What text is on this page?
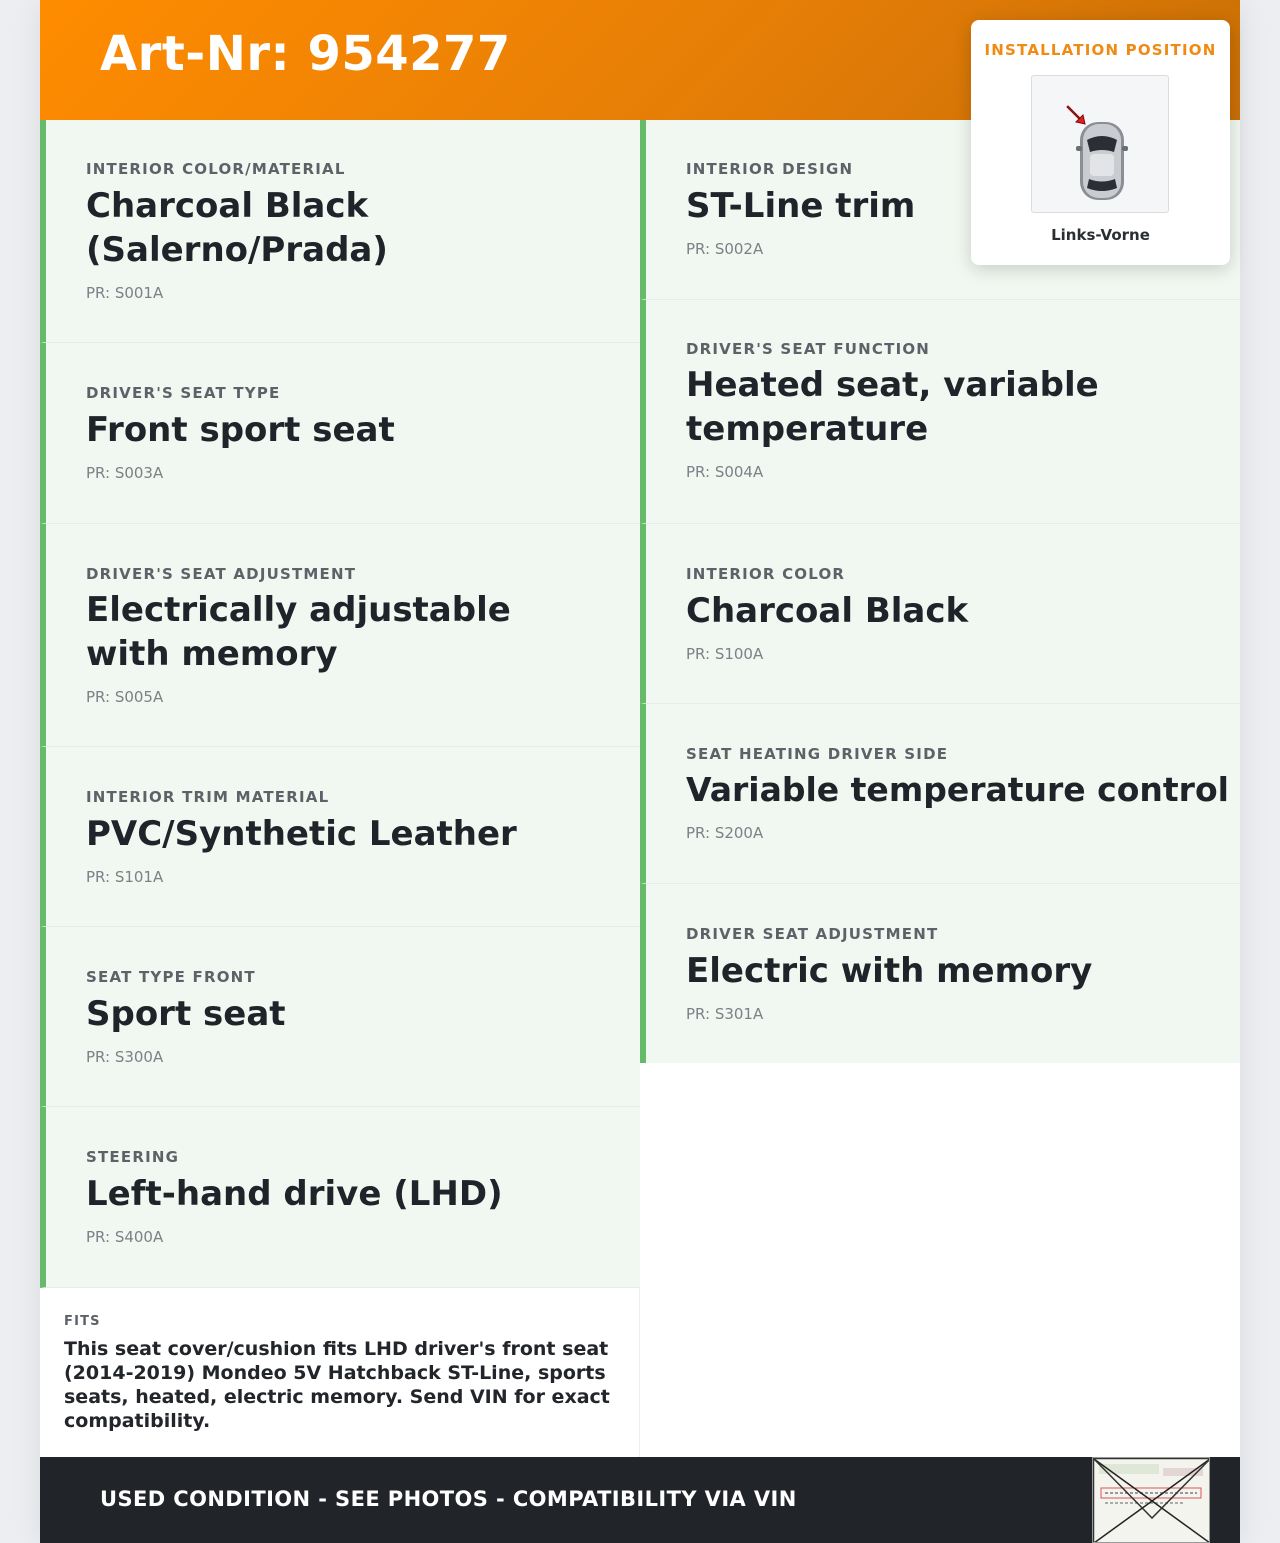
Art-Nr: 954277
INTERIOR COLOR/MATERIAL
Charcoal Black (Salerno/Prada)
PR: S001A
DRIVER'S SEAT TYPE
Front sport seat
PR: S003A
DRIVER'S SEAT ADJUSTMENT
Electrically adjustable with memory
PR: S005A
INTERIOR TRIM MATERIAL
PVC/Synthetic Leather
PR: S101A
SEAT TYPE FRONT
Sport seat
PR: S300A
STEERING
Left-hand drive (LHD)
PR: S400A
INTERIOR DESIGN
ST-Line trim
PR: S002A
DRIVER'S SEAT FUNCTION
Heated seat, variable temperature
PR: S004A
INTERIOR COLOR
Charcoal Black
PR: S100A
SEAT HEATING DRIVER SIDE
Variable temperature control
PR: S200A
DRIVER SEAT ADJUSTMENT
Electric with memory
PR: S301A
FITS
This seat cover/cushion fits LHD driver's front seat (2014-2019) Mondeo 5V Hatchback ST-Line, sports seats, heated, electric memory. Send VIN for exact compatibility.
USED CONDITION - SEE PHOTOS - COMPATIBILITY VIA VIN
INSTALLATION POSITION
Links-Vorne
